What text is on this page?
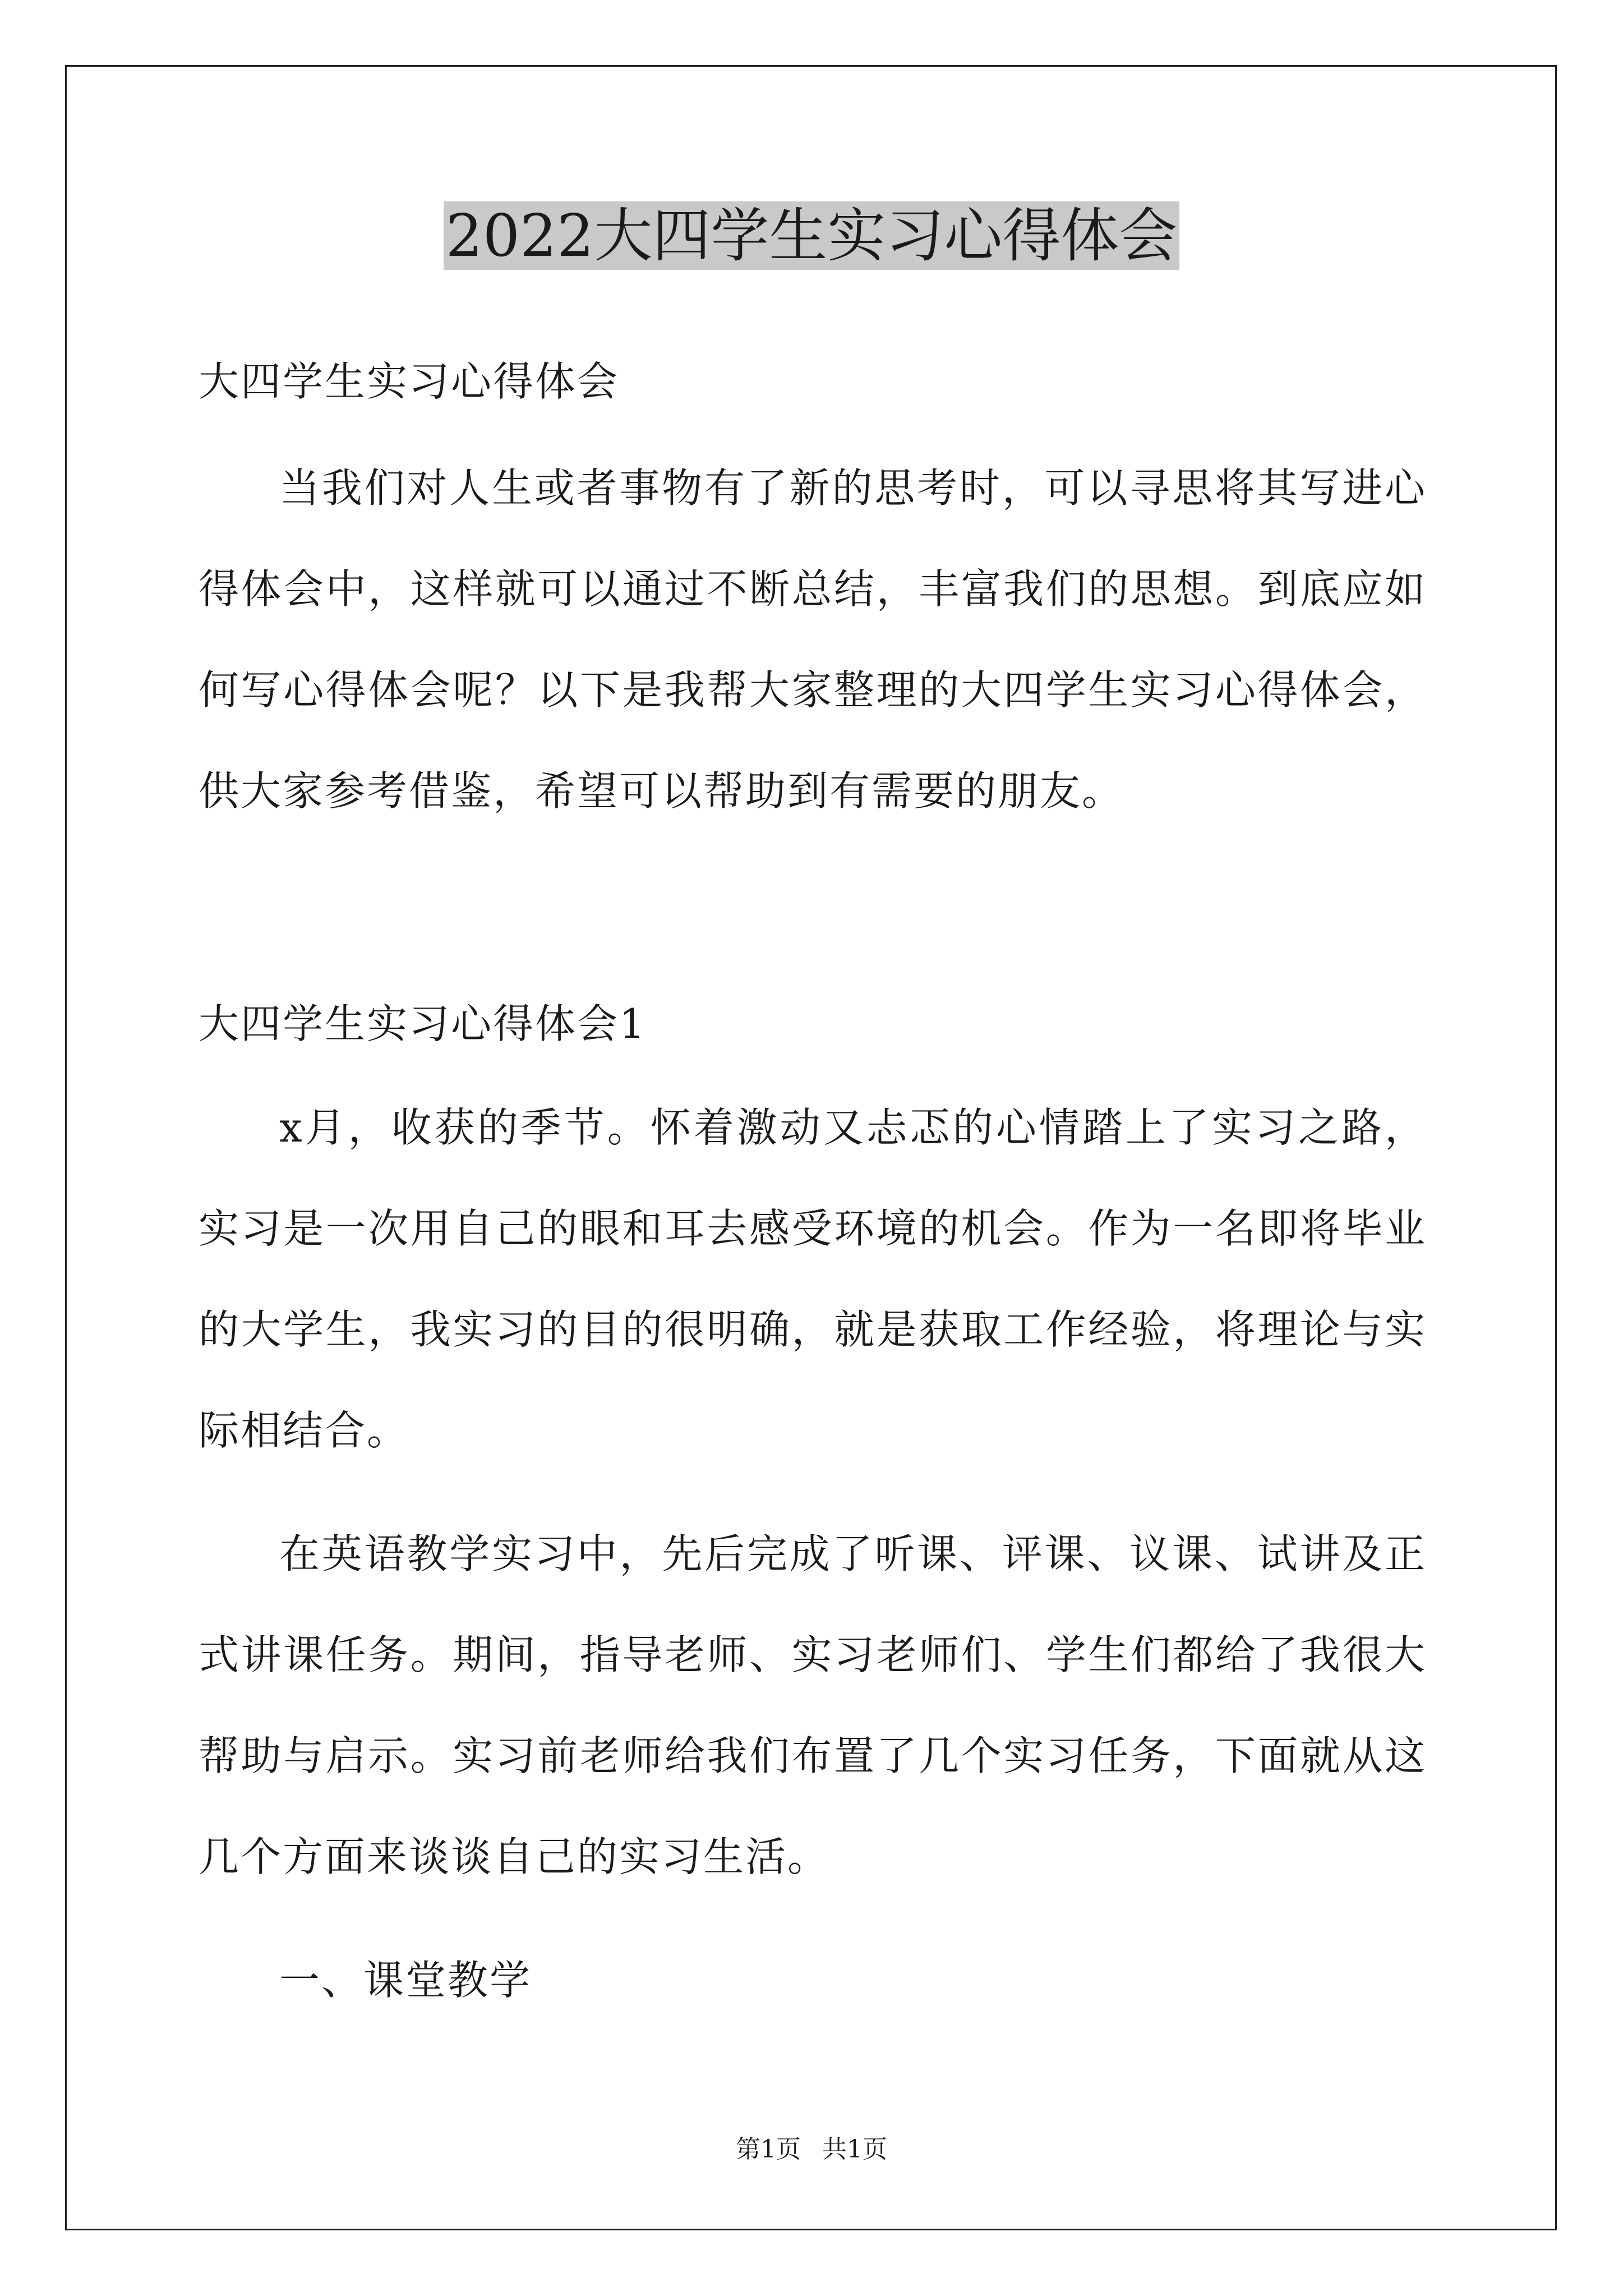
2022大四学生实习心得体会

大四学生实习心得体会

当我们对人生或者事物有了新的思考时，可以寻思将其写进心得体会中，这样就可以通过不断总结，丰富我们的思想。到底应如何写心得体会呢？以下是我帮大家整理的大四学生实习心得体会，供大家参考借鉴，希望可以帮助到有需要的朋友。

大四学生实习心得体会1

x月，收获的季节。怀着激动又忐忑的心情踏上了实习之路，实习是一次用自己的眼和耳去感受环境的机会。作为一名即将毕业的大学生，我实习的目的很明确，就是获取工作经验，将理论与实际相结合。

在英语教学实习中，先后完成了听课、评课、议课、试讲及正式讲课任务。期间，指导老师、实习老师们、学生们都给了我很大帮助与启示。实习前老师给我们布置了几个实习任务，下面就从这几个方面来谈谈自己的实习生活。

一、课堂教学

第1页 共1页
